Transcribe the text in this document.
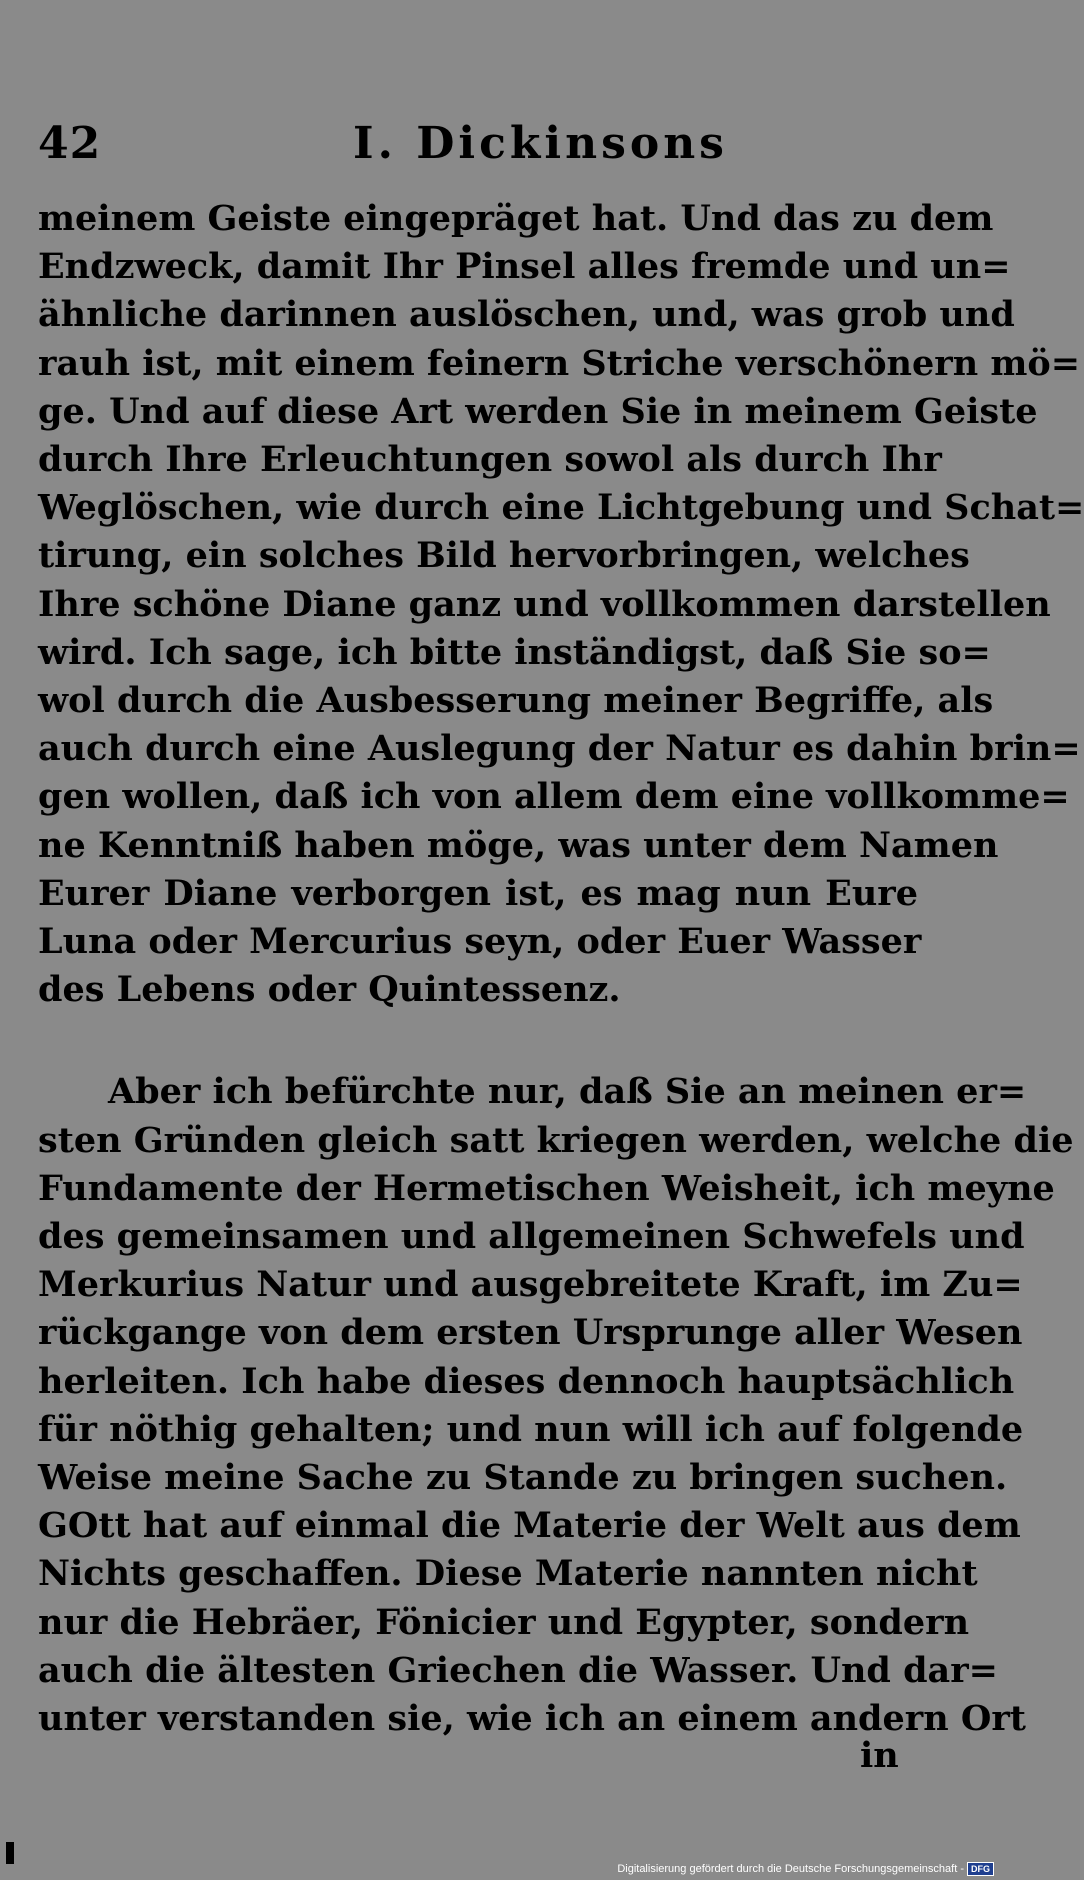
42	I. Dickinsons
meinem Geiste eingepräget hat. Und das zu dem
Endzweck, damit Ihr Pinsel alles fremde und un=
ähnliche darinnen auslöschen, und, was grob und
rauh ist, mit einem feinern Striche verschönern mö=
ge. Und auf diese Art werden Sie in meinem Geiste
durch Ihre Erleuchtungen sowol als durch Ihr
Weglöschen, wie durch eine Lichtgebung und Schat=
tirung, ein solches Bild hervorbringen, welches
Ihre schöne Diane ganz und vollkommen darstellen
wird. Ich sage, ich bitte inständigst, daß Sie so=
wol durch die Ausbesserung meiner Begriffe, als
auch durch eine Auslegung der Natur es dahin brin=
gen wollen, daß ich von allem dem eine vollkomme=
ne Kenntniß haben möge, was unter dem Namen
Eurer Diane verborgen ist, es mag nun Eure
Luna oder Mercurius seyn, oder Euer Wasser
des Lebens oder Quintessenz.
Aber ich befürchte nur, daß Sie an meinen er=
sten Gründen gleich satt kriegen werden, welche die
Fundamente der Hermetischen Weisheit, ich meyne
des gemeinsamen und allgemeinen Schwefels und
Merkurius Natur und ausgebreitete Kraft, im Zu=
rückgange von dem ersten Ursprunge aller Wesen
herleiten. Ich habe dieses dennoch hauptsächlich
für nöthig gehalten; und nun will ich auf folgende
Weise meine Sache zu Stande zu bringen suchen.
GOtt hat auf einmal die Materie der Welt aus dem
Nichts geschaffen. Diese Materie nannten nicht
nur die Hebräer, Fönicier und Egypter, sondern
auch die ältesten Griechen die Wasser. Und dar=
unter verstanden sie, wie ich an einem andern Ort
in
Digitalisierung gefördert durch die Deutsche Forschungsgemeinschaft - DFG
